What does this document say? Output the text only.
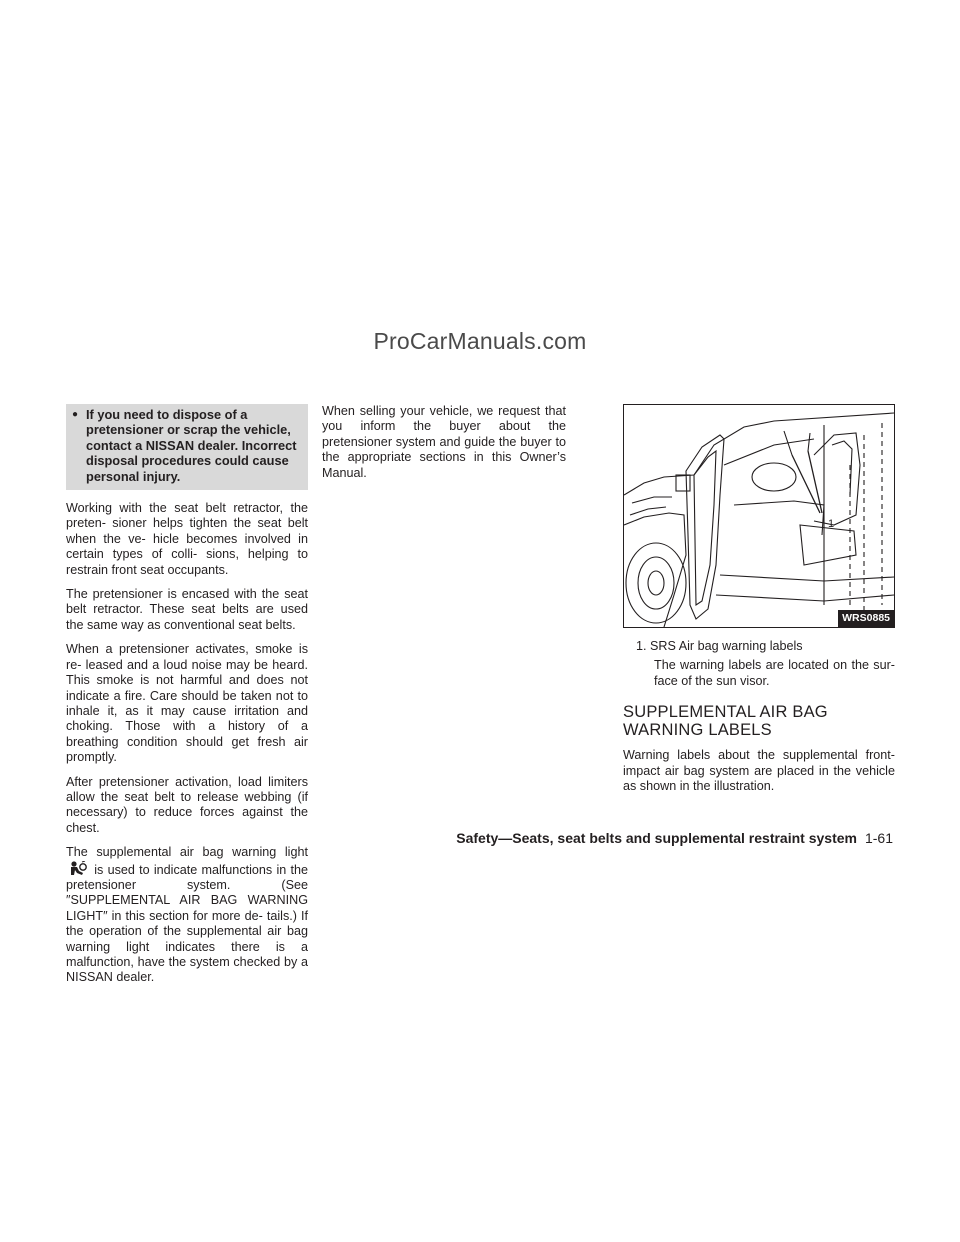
ProCarManuals.com
● If you need to dispose of a pretensioner or scrap the vehicle, contact a NISSAN dealer. Incorrect disposal procedures could cause personal injury.

Working with the seat belt retractor, the preten- sioner helps tighten the seat belt when the ve- hicle becomes involved in certain types of colli- sions, helping to restrain front seat occupants.

The pretensioner is encased with the seat belt retractor. These seat belts are used the same way as conventional seat belts.

When a pretensioner activates, smoke is re- leased and a loud noise may be heard. This smoke is not harmful and does not indicate a fire. Care should be taken not to inhale it, as it may cause irritation and choking. Those with a history of a breathing condition should get fresh air promptly.

After pretensioner activation, load limiters allow the seat belt to release webbing (if necessary) to reduce forces against the chest.

The supplemental air bag warning light  is used to indicate malfunctions in the pretensioner system. (See ″SUPPLEMENTAL AIR BAG WARNING LIGHT″ in this section for more de- tails.) If the operation of the supplemental air bag warning light indicates there is a malfunction, have the system checked by a NISSAN dealer.

When selling your vehicle, we request that you inform the buyer about the pretensioner system and guide the buyer to the appropriate sections in this Owner’s Manual.

1
WRS0885
1. SRS Air bag warning labels
The warning labels are located on the sur- face of the sun visor.
SUPPLEMENTAL AIR BAG
WARNING LABELS

Warning labels about the supplemental front- impact air bag system are placed in the vehicle as shown in the illustration.

Safety—Seats, seat belts and supplemental restraint system 1-61
